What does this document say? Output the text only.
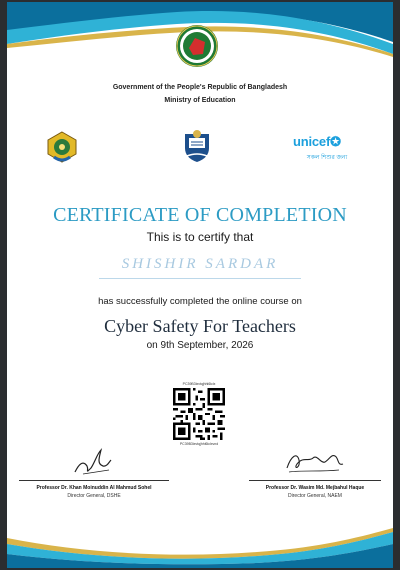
Government of the People's Republic of Bangladesh
Ministry of Education
unicef✪
সকল শিশুর জন্য
CERTIFICATE OF COMPLETION
This is to certify that
SHISHIR SARDAR
has successfully completed the online course on
Cyber Safety For Teachers
on 9th September, 2026
PC39B3ixvtqjhhl6lclx
PC39B3ixvtqjhhl6lclxvnd
Professor Dr. Khan Moinuddin Al Mahmud Sohel
Director General, DSHE
Professor Dr. Wasim Md. Mejbahul Haque
Director General, NAEM
